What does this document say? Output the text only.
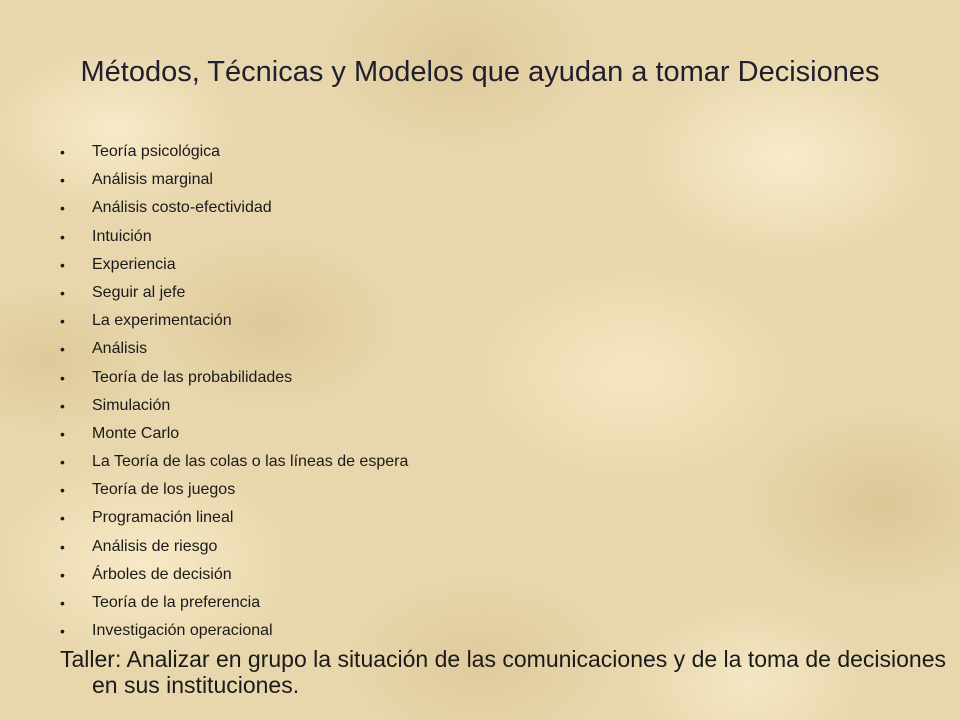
Métodos, Técnicas y Modelos que ayudan a tomar Decisiones
• Teoría psicológica
• Análisis marginal
• Análisis costo-efectividad
• Intuición
• Experiencia
• Seguir al jefe
• La experimentación
• Análisis
• Teoría de las probabilidades
• Simulación
• Monte Carlo
• La Teoría de las colas o las líneas de espera
• Teoría de los juegos
• Programación lineal
• Análisis de riesgo
• Árboles de decisión
• Teoría de la preferencia
• Investigación operacional

Taller: Analizar en grupo la situación de las comunicaciones y de la toma de decisiones en sus instituciones.
